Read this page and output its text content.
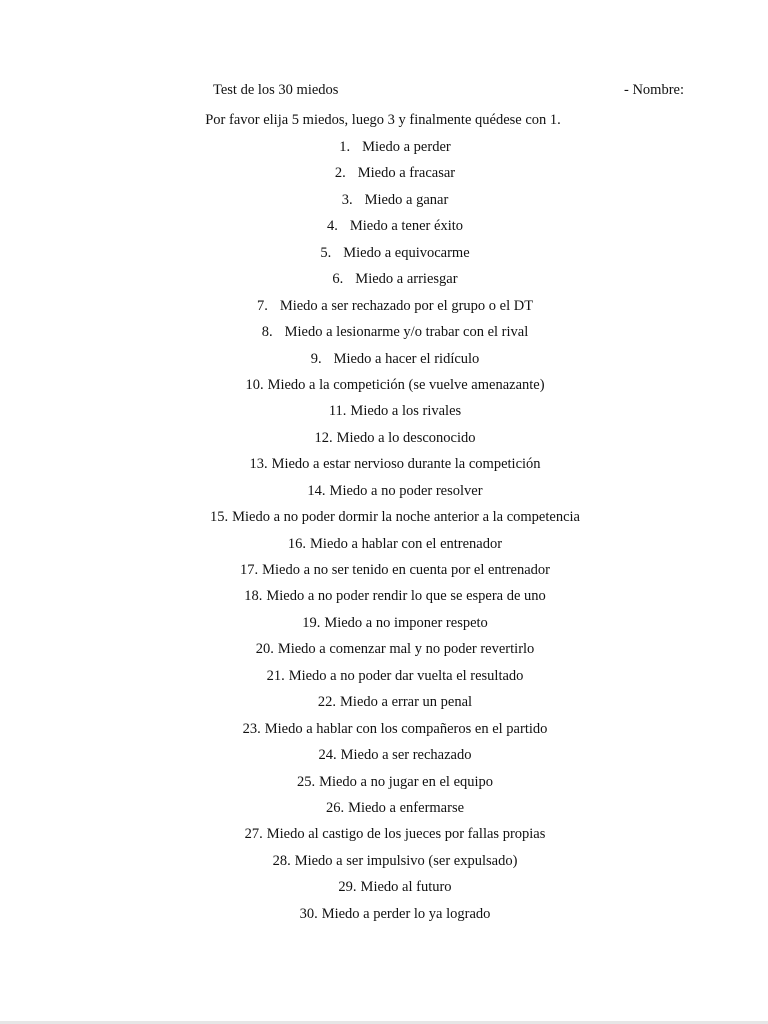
Test de los 30 miedos	- Nombre:
Por favor elija 5 miedos, luego 3 y finalmente quédese con 1.
1. Miedo a perder
2. Miedo a fracasar
3. Miedo a ganar
4. Miedo a tener éxito
5. Miedo a equivocarme
6. Miedo a arriesgar
7. Miedo a ser rechazado por el grupo o el DT
8. Miedo a lesionarme y/o trabar con el rival
9. Miedo a hacer el ridículo
10. Miedo a la competición (se vuelve amenazante)
11. Miedo a los rivales
12. Miedo a lo desconocido
13. Miedo a estar nervioso durante la competición
14. Miedo a no poder resolver
15. Miedo a no poder dormir la noche anterior a la competencia
16. Miedo a hablar con el entrenador
17. Miedo a no ser tenido en cuenta por el entrenador
18. Miedo a no poder rendir lo que se espera de uno
19. Miedo a no imponer respeto
20. Miedo a comenzar mal y no poder revertirlo
21. Miedo a no poder dar vuelta el resultado
22. Miedo a errar un penal
23. Miedo a hablar con los compañeros en el partido
24. Miedo a ser rechazado
25. Miedo a no jugar en el equipo
26. Miedo a enfermarse
27. Miedo al castigo de los jueces por fallas propias
28. Miedo a ser impulsivo (ser expulsado)
29. Miedo al futuro
30. Miedo a perder lo ya logrado
